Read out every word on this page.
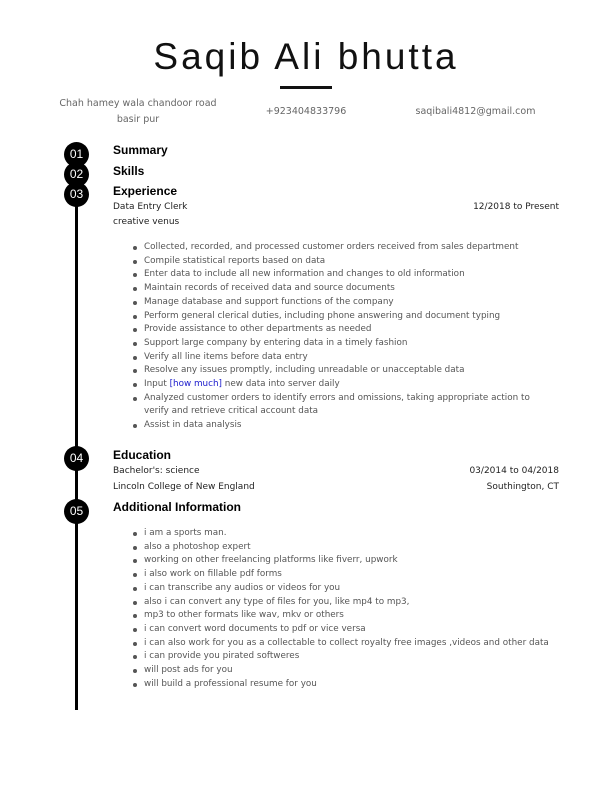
Saqib Ali bhutta
Chah hamey wala chandoor road basir pur
+923404833796	saqibali4812@gmail.com
01	Summary
02	Skills
03	Experience
Data Entry Clerk	12/2018 to Present
creative venus
Collected, recorded, and processed customer orders received from sales department
Compile statistical reports based on data
Enter data to include all new information and changes to old information
Maintain records of received data and source documents
Manage database and support functions of the company
Perform general clerical duties, including phone answering and document typing
Provide assistance to other departments as needed
Support large company by entering data in a timely fashion
Verify all line items before data entry
Resolve any issues promptly, including unreadable or unacceptable data
Input [how much] new data into server daily
Analyzed customer orders to identify errors and omissions, taking appropriate action to verify and retrieve critical account data
Assist in data analysis
04	Education
Bachelor's: science	03/2014 to 04/2018
Lincoln College of New England	Southington, CT
05	Additional Information
i am a sports man.
also a photoshop expert
working on other freelancing platforms like fiverr, upwork
i also work on fillable pdf forms
i can transcribe any audios or videos for you
also i can convert any type of files for you, like mp4 to mp3,
mp3 to other formats like wav, mkv or others
i can convert word documents to pdf or vice versa
i can also work for you as a collectable to collect royalty free images ,videos and other data
i can provide you pirated softweres
will post ads for you
will build a professional resume for you
